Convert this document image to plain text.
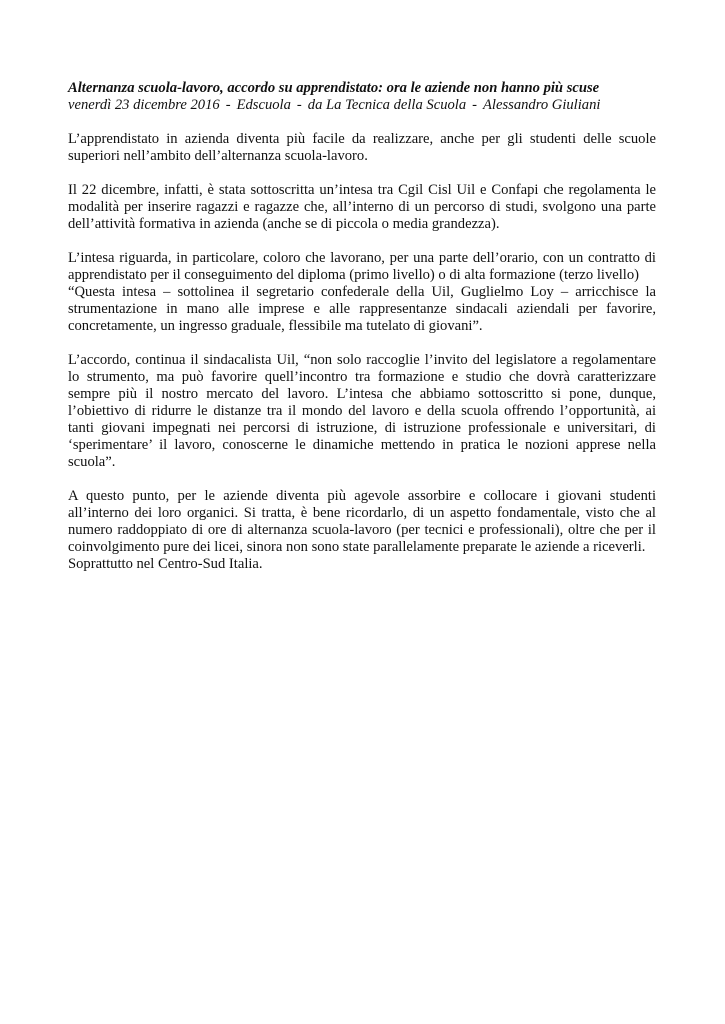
Alternanza scuola-lavoro, accordo su apprendistato: ora le aziende non hanno più scuse

venerdì 23 dicembre 2016 - Edscuola - da La Tecnica della Scuola - Alessandro Giuliani

L’apprendistato in azienda diventa più facile da realizzare, anche per gli studenti delle scuole
superiori nell’ambito dell’alternanza scuola-lavoro.
Il 22 dicembre, infatti, è stata sottoscritta un’intesa tra Cgil Cisl Uil e Confapi che regolamenta le
modalità per inserire ragazzi e ragazze che, all’interno di un percorso di studi, svolgono una parte
dell’attività formativa in azienda (anche se di piccola o media grandezza).
L’intesa riguarda, in particolare, coloro che lavorano, per una parte dell’orario, con un contratto di
apprendistato per il conseguimento del diploma (primo livello) o di alta formazione (terzo livello)
“Questa intesa – sottolinea il segretario confederale della Uil, Guglielmo Loy – arricchisce la
strumentazione in mano alle imprese e alle rappresentanze sindacali aziendali per favorire,
concretamente, un ingresso graduale, flessibile ma tutelato di giovani”.
L’accordo, continua il sindacalista Uil, “non solo raccoglie l’invito del legislatore a regolamentare
lo strumento, ma può favorire quell’incontro tra formazione e studio che dovrà caratterizzare
sempre più il nostro mercato del lavoro. L’intesa che abbiamo sottoscritto si pone, dunque,
l’obiettivo di ridurre le distanze tra il mondo del lavoro e della scuola offrendo l’opportunità, ai
tanti giovani impegnati nei percorsi di istruzione, di istruzione professionale e universitari, di
‘sperimentare’ il lavoro, conoscerne le dinamiche mettendo in pratica le nozioni apprese nella
scuola”.
A questo punto, per le aziende diventa più agevole assorbire e collocare i giovani studenti
all’interno dei loro organici. Si tratta, è bene ricordarlo, di un aspetto fondamentale, visto che al
numero raddoppiato di ore di alternanza scuola-lavoro (per tecnici e professionali), oltre che per il
coinvolgimento pure dei licei, sinora non sono state parallelamente preparate le aziende a riceverli.
Soprattutto nel Centro-Sud Italia.
